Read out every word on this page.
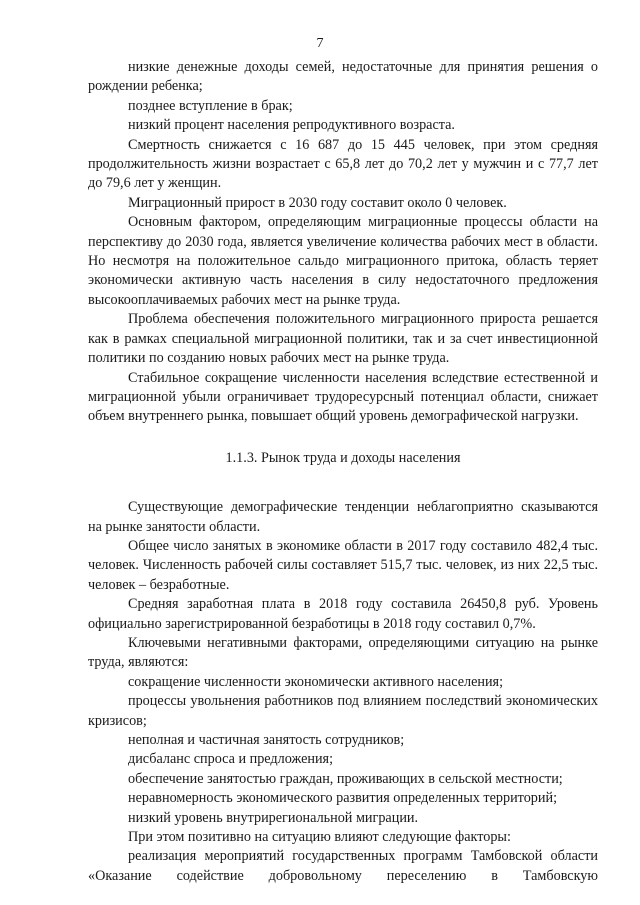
7

низкие денежные доходы семей, недостаточные для принятия решения о рождении ребенка;

позднее вступление в брак;

низкий процент населения репродуктивного возраста.

Смертность снижается с 16 687 до 15 445 человек, при этом средняя продолжительность жизни возрастает с 65,8 лет до 70,2 лет у мужчин и с 77,7 лет до 79,6 лет у женщин.

Миграционный прирост в 2030 году составит около 0 человек.

Основным фактором, определяющим миграционные процессы области на перспективу до 2030 года, является увеличение количества рабочих мест в области. Но несмотря на положительное сальдо миграционного притока, область теряет экономически активную часть населения в силу недостаточного предложения высокооплачиваемых рабочих мест на рынке труда.

Проблема обеспечения положительного миграционного прироста решается как в рамках специальной миграционной политики, так и за счет инвестиционной политики по созданию новых рабочих мест на рынке труда.

Стабильное сокращение численности населения вследствие естественной и миграционной убыли ограничивает трудоресурсный потенциал области, снижает объем внутреннего рынка, повышает общий уровень демографической нагрузки.

1.1.3. Рынок труда и доходы населения

Существующие демографические тенденции неблагоприятно сказываются на рынке занятости области.

Общее число занятых в экономике области в 2017 году составило 482,4 тыс. человек. Численность рабочей силы составляет 515,7 тыс. человек, из них 22,5 тыс. человек – безработные.

Средняя заработная плата в 2018 году составила 26450,8 руб. Уровень официально зарегистрированной безработицы в 2018 году составил 0,7%.

Ключевыми негативными факторами, определяющими ситуацию на рынке труда, являются:

сокращение численности экономически активного населения;

процессы увольнения работников под влиянием последствий экономических кризисов;

неполная и частичная занятость сотрудников;

дисбаланс спроса и предложения;

обеспечение занятостью граждан, проживающих в сельской местности;

неравномерность экономического развития определенных территорий;

низкий уровень внутрирегиональной миграции.

При этом позитивно на ситуацию влияют следующие факторы:

реализация мероприятий государственных программ Тамбовской области «Оказание содействие добровольному переселению в Тамбовскую
